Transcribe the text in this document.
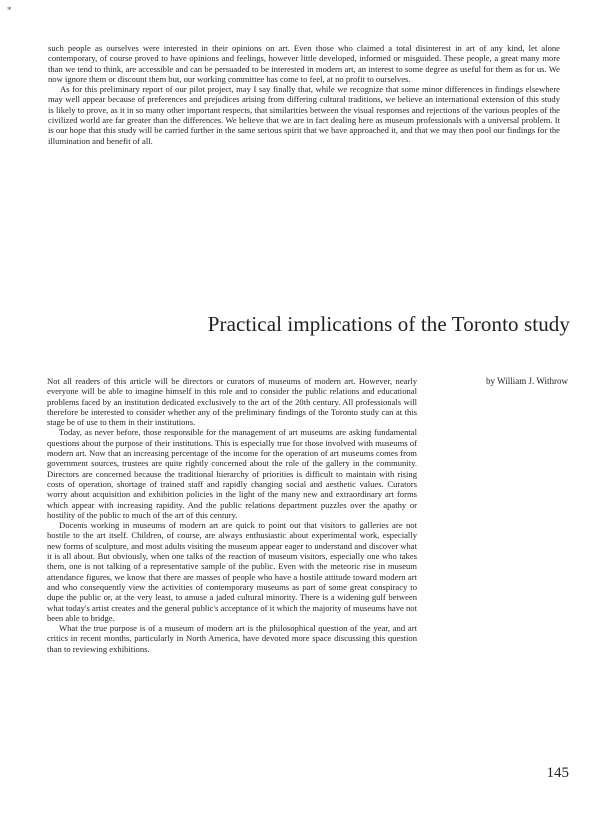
*

such people as ourselves were interested in their opinions on art. Even those who claimed a total disinterest in art of any kind, let alone contemporary, of course proved to have opinions and feelings, however little developed, informed or misguided. These people, a great many more than we tend to think, are accessible and can be persuaded to be interested in modern art, an interest to some degree as useful for them as for us. We now ignore them or discount them but, our working committee has come to feel, at no profit to ourselves.

As for this preliminary report of our pilot project, may I say finally that, while we recognize that some minor differences in findings elsewhere may well appear because of preferences and prejudices arising from differing cultural traditions, we believe an international extension of this study is likely to prove, as it in so many other important respects, that similarities between the visual responses and rejections of the various peoples of the civilized world are far greater than the differences. We believe that we are in fact dealing here as museum professionals with a universal problem. It is our hope that this study will be carried further in the same serious spirit that we have approached it, and that we may then pool our findings for the illumination and benefit of all.

Practical implications of the Toronto study

by William J. Withrow

Not all readers of this article will be directors or curators of museums of modern art. However, nearly everyone will be able to imagine himself in this role and to consider the public relations and educational problems faced by an institution dedicated exclusively to the art of the 20th century. All professionals will therefore be interested to consider whether any of the preliminary findings of the Toronto study can at this stage be of use to them in their institutions.

Today, as never before, those responsible for the management of art museums are asking fundamental questions about the purpose of their institutions. This is especially true for those involved with museums of modern art. Now that an increasing percentage of the income for the operation of art museums comes from government sources, trustees are quite rightly concerned about the role of the gallery in the community. Directors are concerned because the traditional hierarchy of priorities is difficult to maintain with rising costs of operation, shortage of trained staff and rapidly changing social and aesthetic values. Curators worry about acquisition and exhibition policies in the light of the many new and extraordinary art forms which appear with increasing rapidity. And the public relations department puzzles over the apathy or hostility of the public to much of the art of this century.

Docents working in museums of modern art are quick to point out that visitors to galleries are not hostile to the art itself. Children, of course, are always enthusiastic about experimental work, especially new forms of sculpture, and most adults visiting the museum appear eager to understand and discover what it is all about. But obviously, when one talks of the reaction of museum visitors, especially one who takes them, one is not talking of a representative sample of the public. Even with the meteoric rise in museum attendance figures, we know that there are masses of people who have a hostile attitude toward modern art and who consequently view the activities of contemporary museums as part of some great conspiracy to dupe the public or, at the very least, to amuse a jaded cultural minority. There is a widening gulf between what today's artist creates and the general public's acceptance of it which the majority of museums have not been able to bridge.

What the true purpose is of a museum of modern art is the philosophical question of the year, and art critics in recent months, particularly in North America, have devoted more space discussing this question than to reviewing exhibitions.

145
